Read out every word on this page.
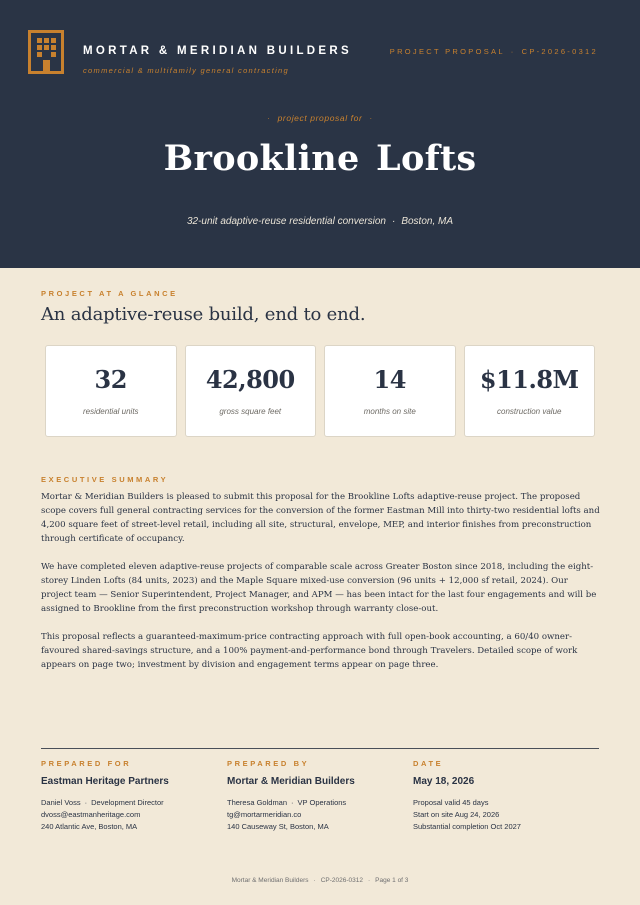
MORTAR & MERIDIAN BUILDERS
commercial & multifamily general contracting
PROJECT PROPOSAL · CP-2026-0312
· project proposal for ·
Brookline Lofts
32-unit adaptive-reuse residential conversion · Boston, MA
PROJECT AT A GLANCE
An adaptive-reuse build, end to end.
32
residential units
42,800
gross square feet
14
months on site
$11.8M
construction value
EXECUTIVE SUMMARY

Mortar & Meridian Builders is pleased to submit this proposal for the Brookline Lofts adaptive-reuse project. The proposed scope covers full general contracting services for the conversion of the former Eastman Mill into thirty-two residential lofts and 4,200 square feet of street-level retail, including all site, structural, envelope, MEP, and interior finishes from preconstruction through certificate of occupancy.

We have completed eleven adaptive-reuse projects of comparable scale across Greater Boston since 2018, including the eight-storey Linden Lofts (84 units, 2023) and the Maple Square mixed-use conversion (96 units + 12,000 sf retail, 2024). Our project team — Senior Superintendent, Project Manager, and APM — has been intact for the last four engagements and will be assigned to Brookline from the first preconstruction workshop through warranty close-out.

This proposal reflects a guaranteed-maximum-price contracting approach with full open-book accounting, a 60/40 owner-favoured shared-savings structure, and a 100% payment-and-performance bond through Travelers. Detailed scope of work appears on page two; investment by division and engagement terms appear on page three.

PREPARED FOR
Eastman Heritage Partners
Daniel Voss · Development Director
dvoss@eastmanheritage.com
240 Atlantic Ave, Boston, MA
PREPARED BY
Mortar & Meridian Builders
Theresa Goldman · VP Operations
tg@mortarmeridian.co
140 Causeway St, Boston, MA
DATE
May 18, 2026
Proposal valid 45 days
Start on site Aug 24, 2026
Substantial completion Oct 2027
Mortar & Meridian Builders · CP-2026-0312 · Page 1 of 3
